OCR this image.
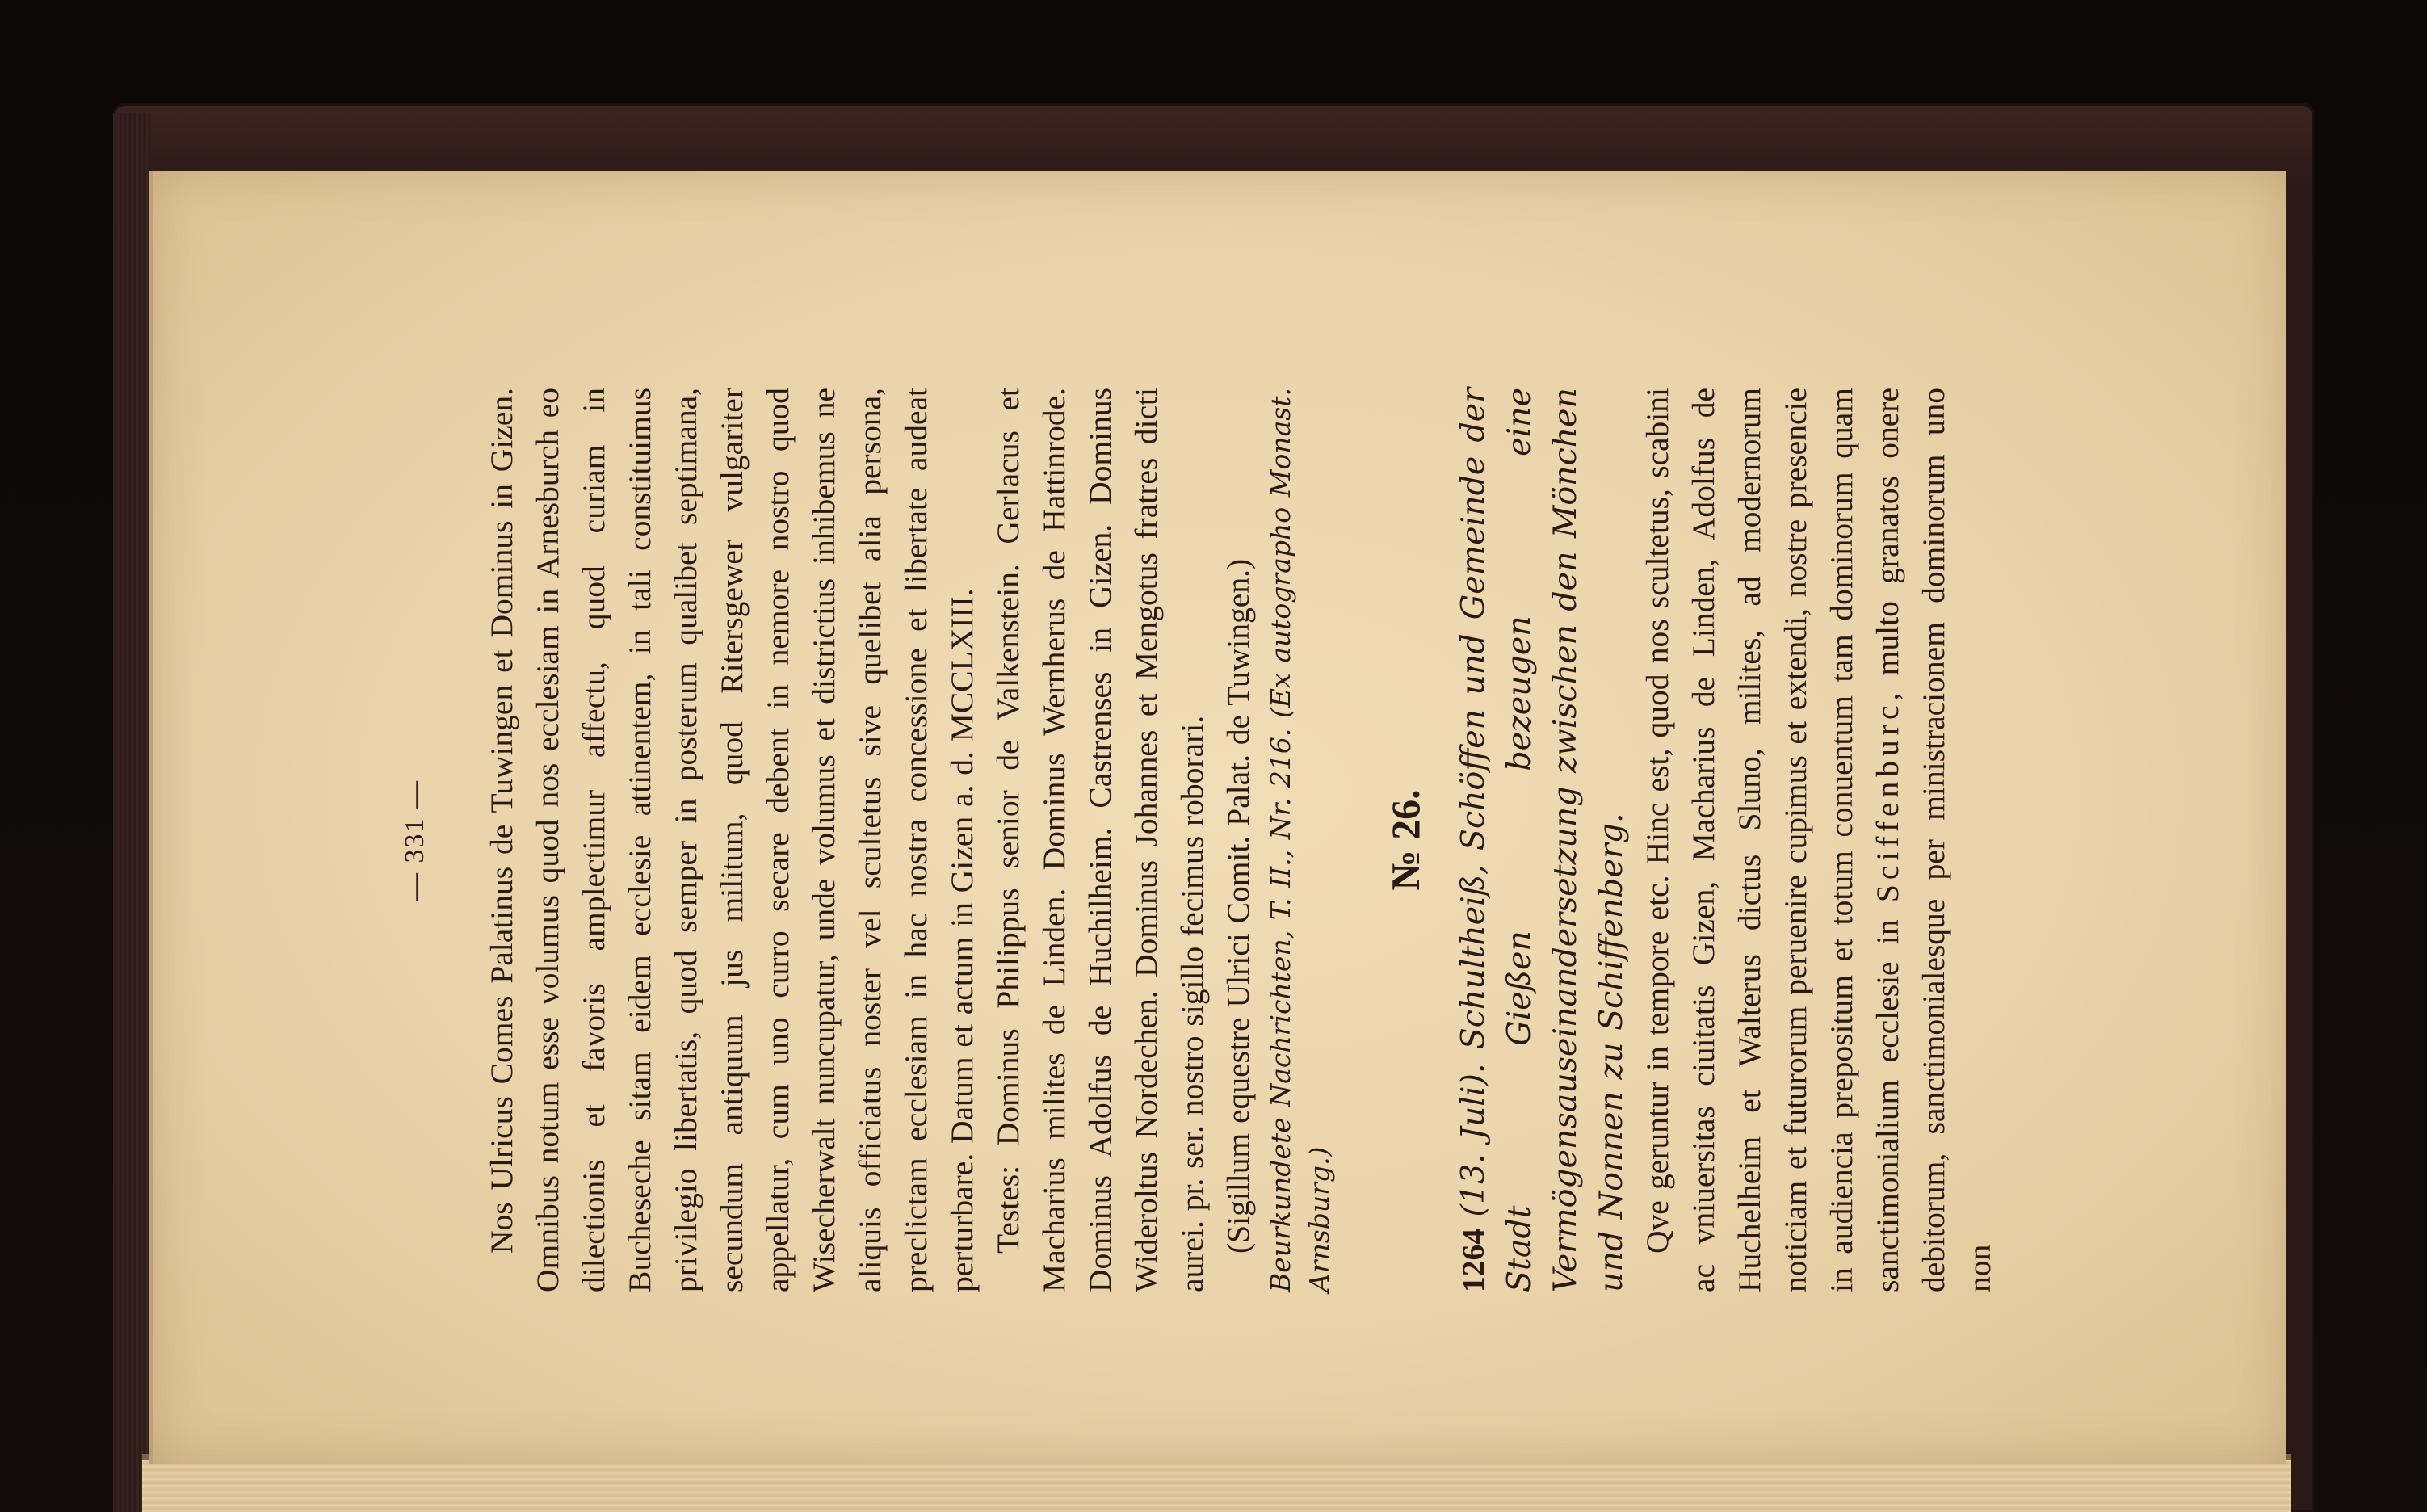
— 331 — Nos Ulricus Comes Palatinus de Tuwingen et Dominus in Gizen. Omnibus notum esse volumus quod nos ecclesiam in Arnesburch eo dilectionis et favoris amplectimur affectu, quod curiam in Bucheseche sitam eidem ecclesie attinentem, in tali constituimus privilegio libertatis, quod semper in posterum qualibet septimana, secundum antiquum jus militum, quod Ritersgewer vulgariter appellatur, cum uno curro secare debent in nemore nostro quod Wisecherwalt nuncupatur, unde volumus et districtius inhibemus ne aliquis officiatus noster vel scultetus sive quelibet alia persona, preclictam ecclesiam in hac nostra concessione et libertate audeat perturbare. Datum et actum in Gizen a. d. MCCLXIII. Testes: Dominus Philippus senior de Valkenstein. Gerlacus et Macharius milites de Linden. Dominus Wernherus de Hattinrode. Dominus Adolfus de Huchilheim. Castrenses in Gizen. Dominus Wideroltus Nordechen. Dominus Johannes et Mengotus fratres dicti aurei. pr. ser. nostro sigillo fecimus roborari. (Sigillum equestre Ulrici Comit. Palat. de Tuwingen.) Beurkundete Nachrichten, T. II., Nr. 216. (Ex autographo Monast. Arnsburg.)

№ 26.

1264 (13. Juli). Schultheiß, Schöffen und Gemeinde der Stadt Gießen bezeugen eine Vermögensauseinandersetzung zwischen den Mönchen und Nonnen zu Schiffenberg. Qve geruntur in tempore etc. Hinc est, quod nos scultetus, scabini ac vniuersitas ciuitatis Gizen, Macharius de Linden, Adolfus de Huchelheim et Walterus dictus Sluno, milites, ad modernorum noticiam et futurorum peruenire cupimus et extendi, nostre presencie in audiencia prepositum et totum conuentum tam dominorum quam sanctimonialium ecclesie in Sciffenburc, multo granatos onere debitorum, sanctimonialesque per ministracionem dominorum uno non
